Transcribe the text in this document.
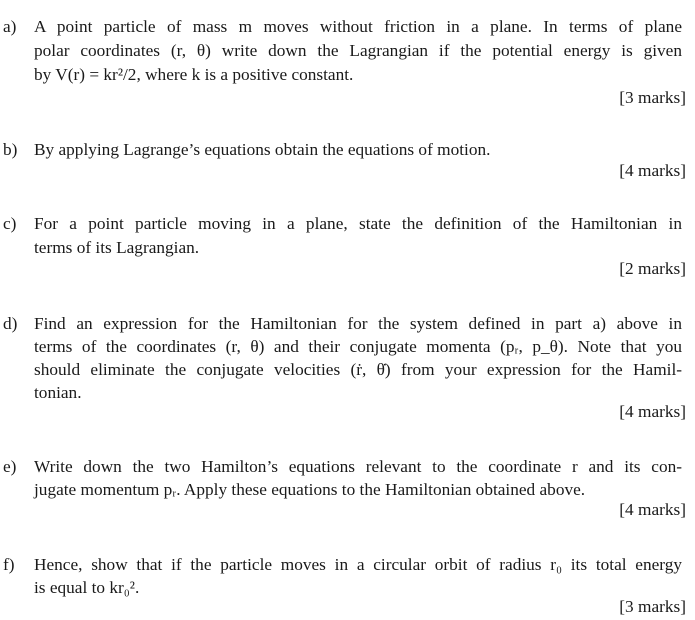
a) A point particle of mass m moves without friction in a plane. In terms of plane
polar coordinates (r, θ) write down the Lagrangian if the potential energy is given
by V(r) = kr²/2, where k is a positive constant.
[3 marks]
b) By applying Lagrange’s equations obtain the equations of motion.
[4 marks]
c) For a point particle moving in a plane, state the definition of the Hamiltonian in
terms of its Lagrangian.
[2 marks]
d) Find an expression for the Hamiltonian for the system defined in part a) above in
terms of the coordinates (r, θ) and their conjugate momenta (pᵣ, p_θ). Note that you
should eliminate the conjugate velocities (ṙ, θ̇) from your expression for the Hamil-
tonian.
[4 marks]
e) Write down the two Hamilton’s equations relevant to the coordinate r and its con-
jugate momentum pᵣ. Apply these equations to the Hamiltonian obtained above.
[4 marks]
f) Hence, show that if the particle moves in a circular orbit of radius r₀ its total energy
is equal to kr₀².
[3 marks]
